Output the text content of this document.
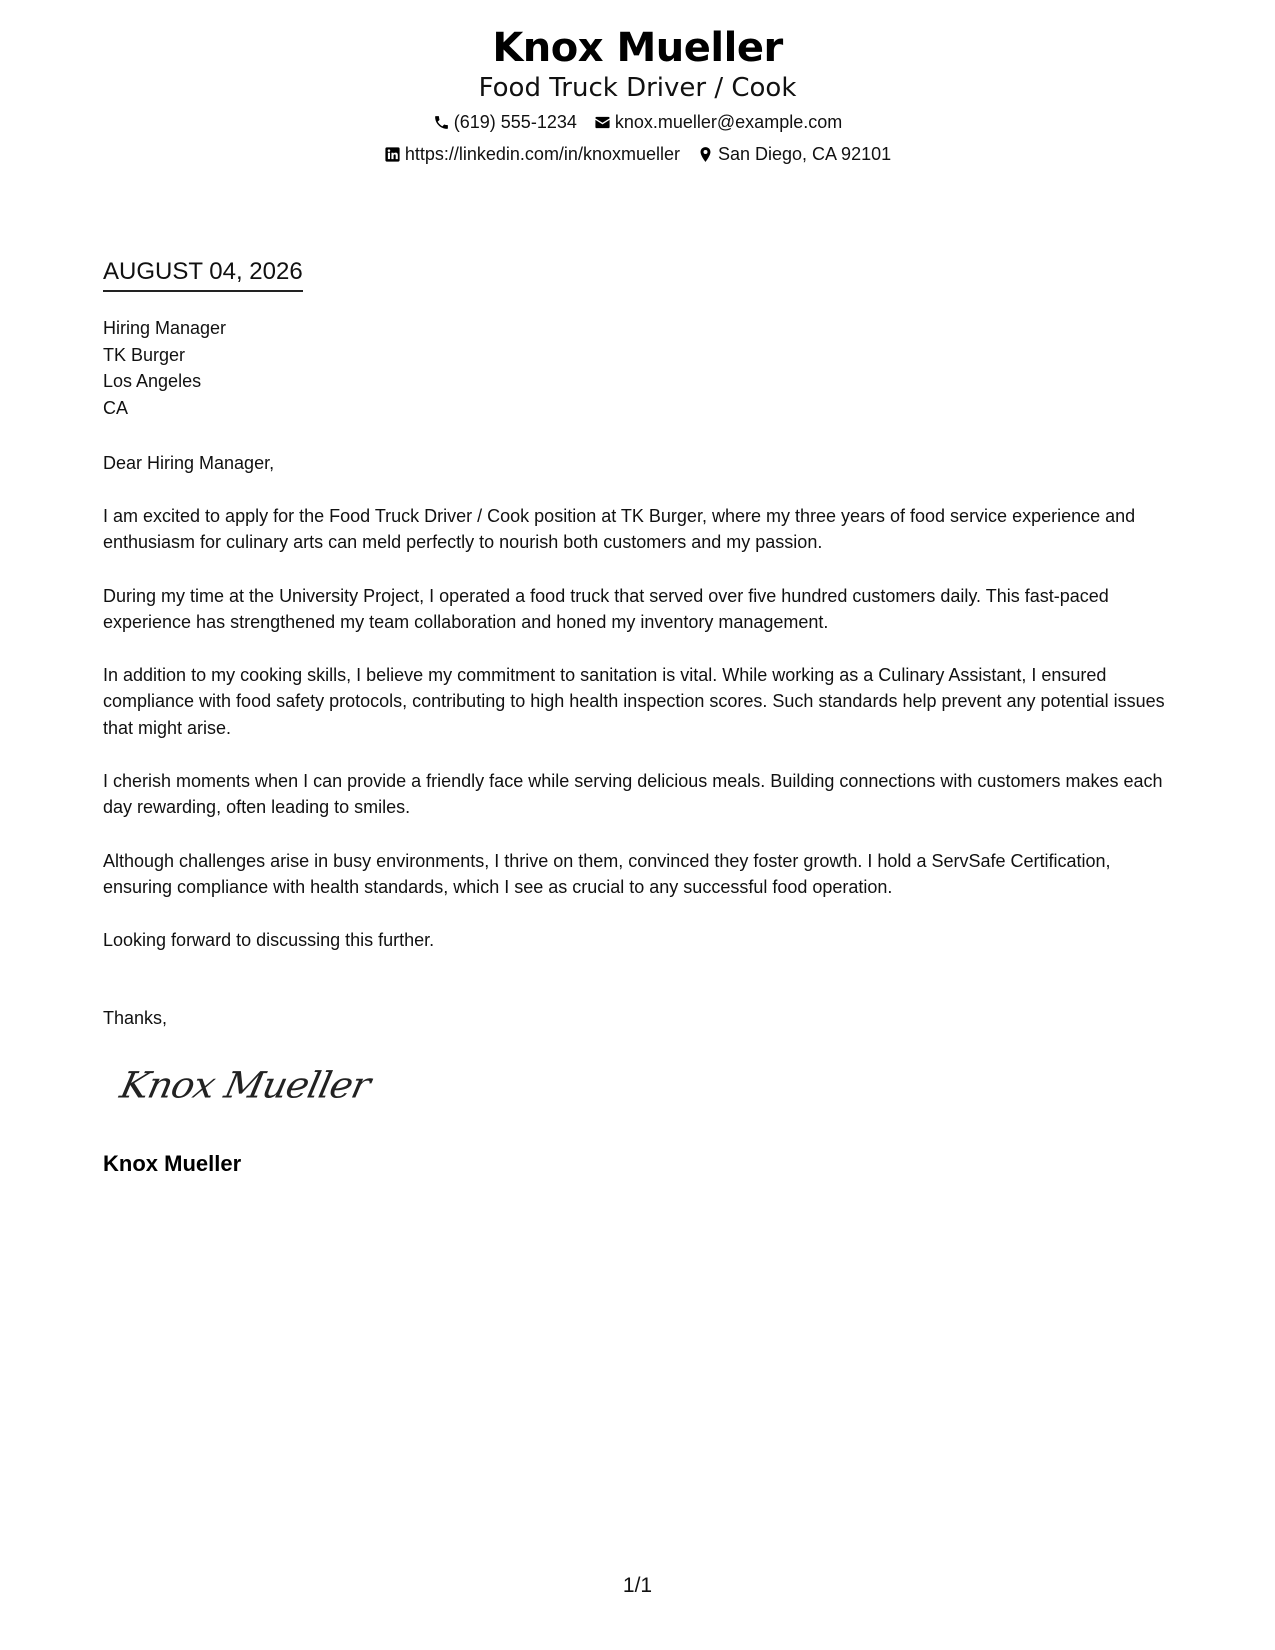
Knox Mueller
Food Truck Driver / Cook
(619) 555-1234 knox.mueller@example.com
https://linkedin.com/in/knoxmueller San Diego, CA 92101
AUGUST 04, 2026
Hiring Manager
TK Burger
Los Angeles
CA
Dear Hiring Manager,

I am excited to apply for the Food Truck Driver / Cook position at TK Burger, where my three years of food service experience and enthusiasm for culinary arts can meld perfectly to nourish both customers and my passion.

During my time at the University Project, I operated a food truck that served over five hundred customers daily. This fast-paced experience has strengthened my team collaboration and honed my inventory management.

In addition to my cooking skills, I believe my commitment to sanitation is vital. While working as a Culinary Assistant, I ensured compliance with food safety protocols, contributing to high health inspection scores. Such standards help prevent any potential issues that might arise.

I cherish moments when I can provide a friendly face while serving delicious meals. Building connections with customers makes each day rewarding, often leading to smiles.

Although challenges arise in busy environments, I thrive on them, convinced they foster growth. I hold a ServSafe Certification, ensuring compliance with health standards, which I see as crucial to any successful food operation.

Looking forward to discussing this further.

Thanks,
Knox Mueller
Knox Mueller
1/1
